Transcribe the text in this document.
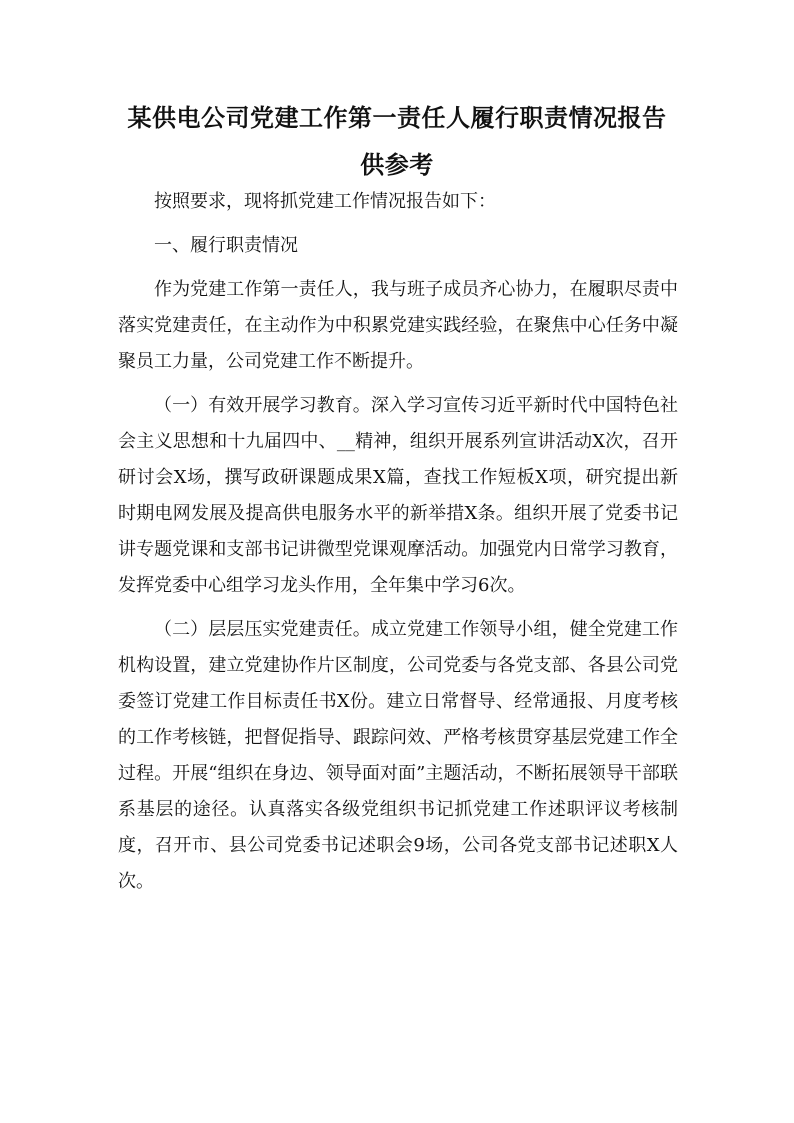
某供电公司党建工作第一责任人履行职责情况报告
供参考

按照要求，现将抓党建工作情况报告如下：

一、履行职责情况

作为党建工作第一责任人，我与班子成员齐心协力，在履职尽责中落实党建责任，在主动作为中积累党建实践经验，在聚焦中心任务中凝聚员工力量，公司党建工作不断提升。

（一）有效开展学习教育。深入学习宣传习近平新时代中国特色社会主义思想和十九届四中、__精神，组织开展系列宣讲活动X次，召开研讨会X场，撰写政研课题成果X篇，查找工作短板X项，研究提出新时期电网发展及提高供电服务水平的新举措X条。组织开展了党委书记讲专题党课和支部书记讲微型党课观摩活动。加强党内日常学习教育，发挥党委中心组学习龙头作用，全年集中学习6次。

（二）层层压实党建责任。成立党建工作领导小组，健全党建工作机构设置，建立党建协作片区制度，公司党委与各党支部、各县公司党委签订党建工作目标责任书X份。建立日常督导、经常通报、月度考核的工作考核链，把督促指导、跟踪问效、严格考核贯穿基层党建工作全过程。开展“组织在身边、领导面对面”主题活动，不断拓展领导干部联系基层的途径。认真落实各级党组织书记抓党建工作述职评议考核制度，召开市、县公司党委书记述职会9场，公司各党支部书记述职X人次。
